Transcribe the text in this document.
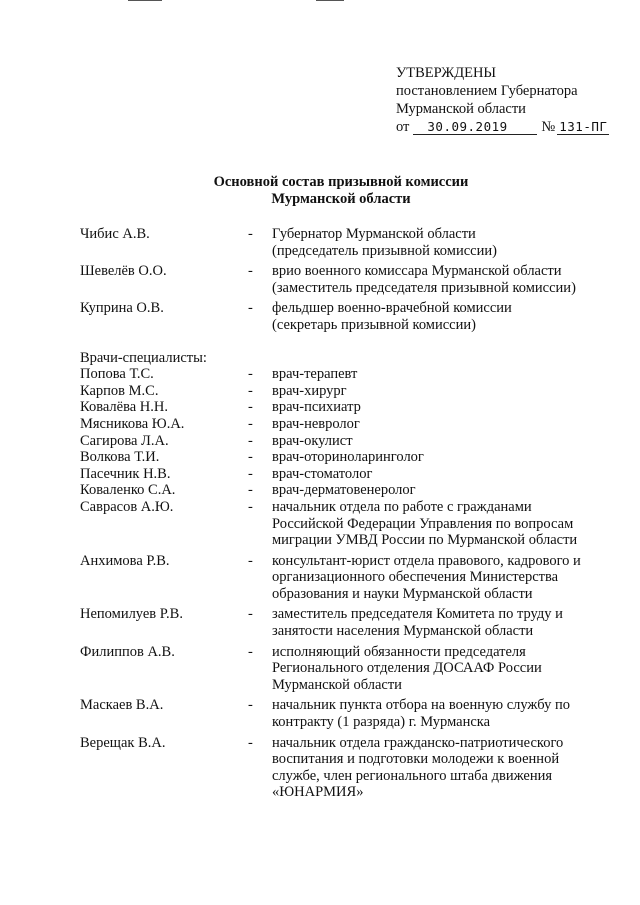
УТВЕРЖДЕНЫ
постановлением Губернатора
Мурманской области
от	30.09.2019	№ 131-ПГ
Основной состав призывной комиссии
Мурманской области
Чибис А.В.	-	Губернатор Мурманской области
(председатель призывной комиссии)
Шевелёв О.О.	-	врио военного комиссара Мурманской области
(заместитель председателя призывной комиссии)
Куприна О.В.	-	фельдшер военно-врачебной комиссии
(секретарь призывной комиссии)
Врачи-специалисты:
Попова Т.С.	-	врач-терапевт
Карпов М.С.	-	врач-хирург
Ковалёва Н.Н.	-	врач-психиатр
Мясникова Ю.А.	-	врач-невролог
Сагирова Л.А.	-	врач-окулист
Волкова Т.И.	-	врач-оториноларинголог
Пасечник Н.В.	-	врач-стоматолог
Коваленко С.А.	-	врач-дерматовенеролог
Саврасов А.Ю.	-	начальник отдела по работе с гражданами
Российской Федерации Управления по вопросам
миграции УМВД России по Мурманской области
Анхимова Р.В.	-	консультант-юрист отдела правового, кадрового и
организационного обеспечения Министерства
образования и науки Мурманской области
Непомилуев Р.В.	-	заместитель председателя Комитета по труду и
занятости населения Мурманской области
Филиппов А.В.	-	исполняющий обязанности председателя
Регионального отделения ДОСААФ России
Мурманской области
Маскаев В.А.	-	начальник пункта отбора на военную службу по
контракту (1 разряда) г. Мурманска
Верещак В.А.	-	начальник отдела гражданско-патриотического
воспитания и подготовки молодежи к военной
службе, член регионального штаба движения
«ЮНАРМИЯ»
